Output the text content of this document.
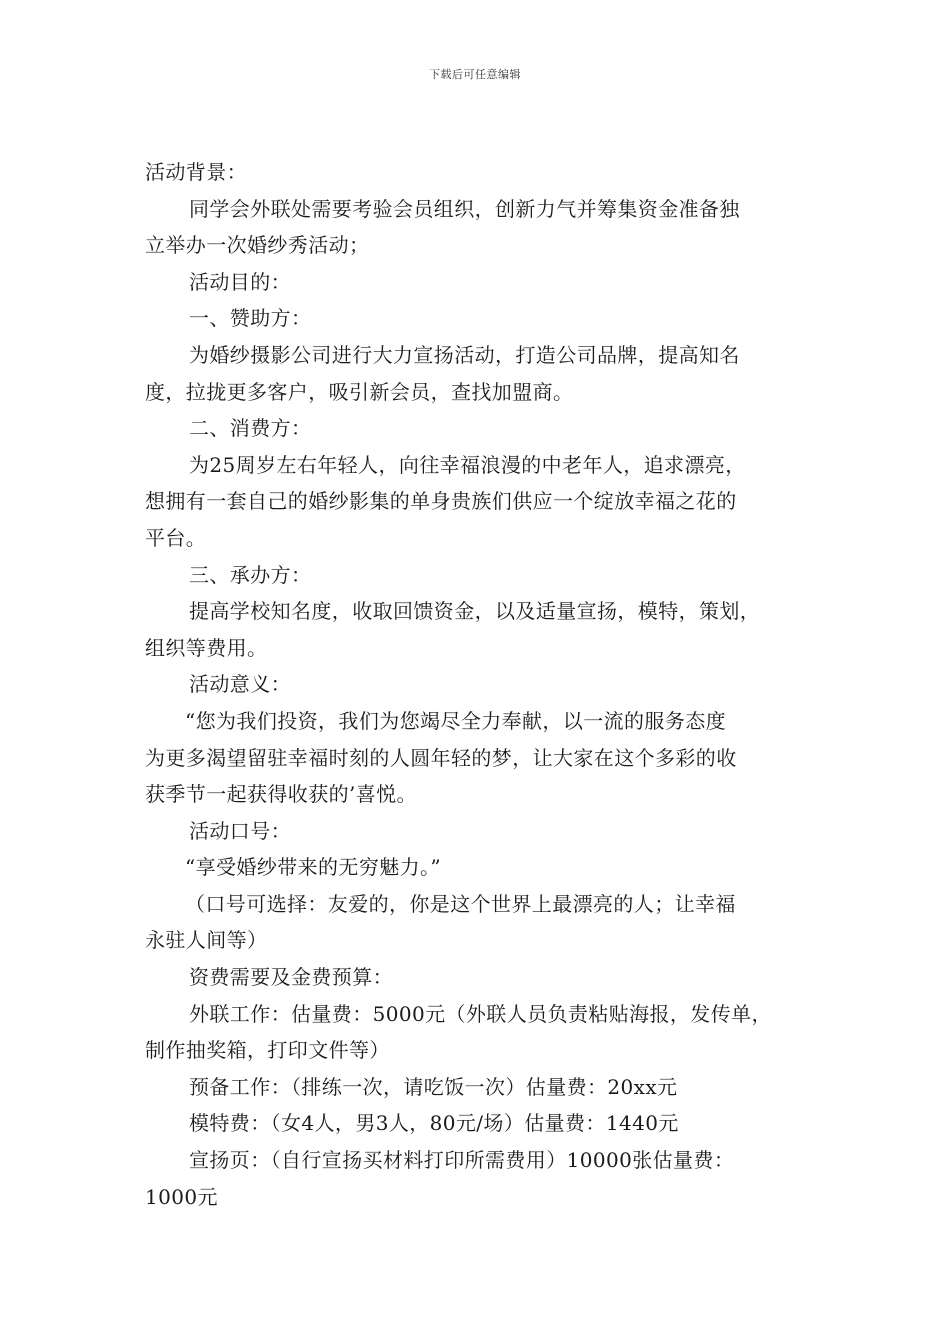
下载后可任意编辑
活动背景：
同学会外联处需要考验会员组织，创新力气并筹集资金准备独
立举办一次婚纱秀活动；
活动目的：
一、赞助方：
为婚纱摄影公司进行大力宣扬活动，打造公司品牌，提高知名
度，拉拢更多客户，吸引新会员，查找加盟商。
二、消费方：
为25周岁左右年轻人，向往幸福浪漫的中老年人，追求漂亮，
想拥有一套自己的婚纱影集的单身贵族们供应一个绽放幸福之花的
平台。
三、承办方：
提高学校知名度，收取回馈资金，以及适量宣扬，模特，策划，
组织等费用。
活动意义：
“您为我们投资，我们为您竭尽全力奉献，以一流的服务态度
为更多渴望留驻幸福时刻的人圆年轻的梦，让大家在这个多彩的收
获季节一起获得收获的’喜悦。
活动口号：
“享受婚纱带来的无穷魅力。”
（口号可选择：友爱的，你是这个世界上最漂亮的人；让幸福
永驻人间等）
资费需要及金费预算：
外联工作：估量费：5000元（外联人员负责粘贴海报，发传单，
制作抽奖箱，打印文件等）
预备工作：（排练一次，请吃饭一次）估量费：20xx元
模特费：（女4人，男3人，80元/场）估量费：1440元
宣扬页：（自行宣扬买材料打印所需费用）10000张估量费：
1000元
